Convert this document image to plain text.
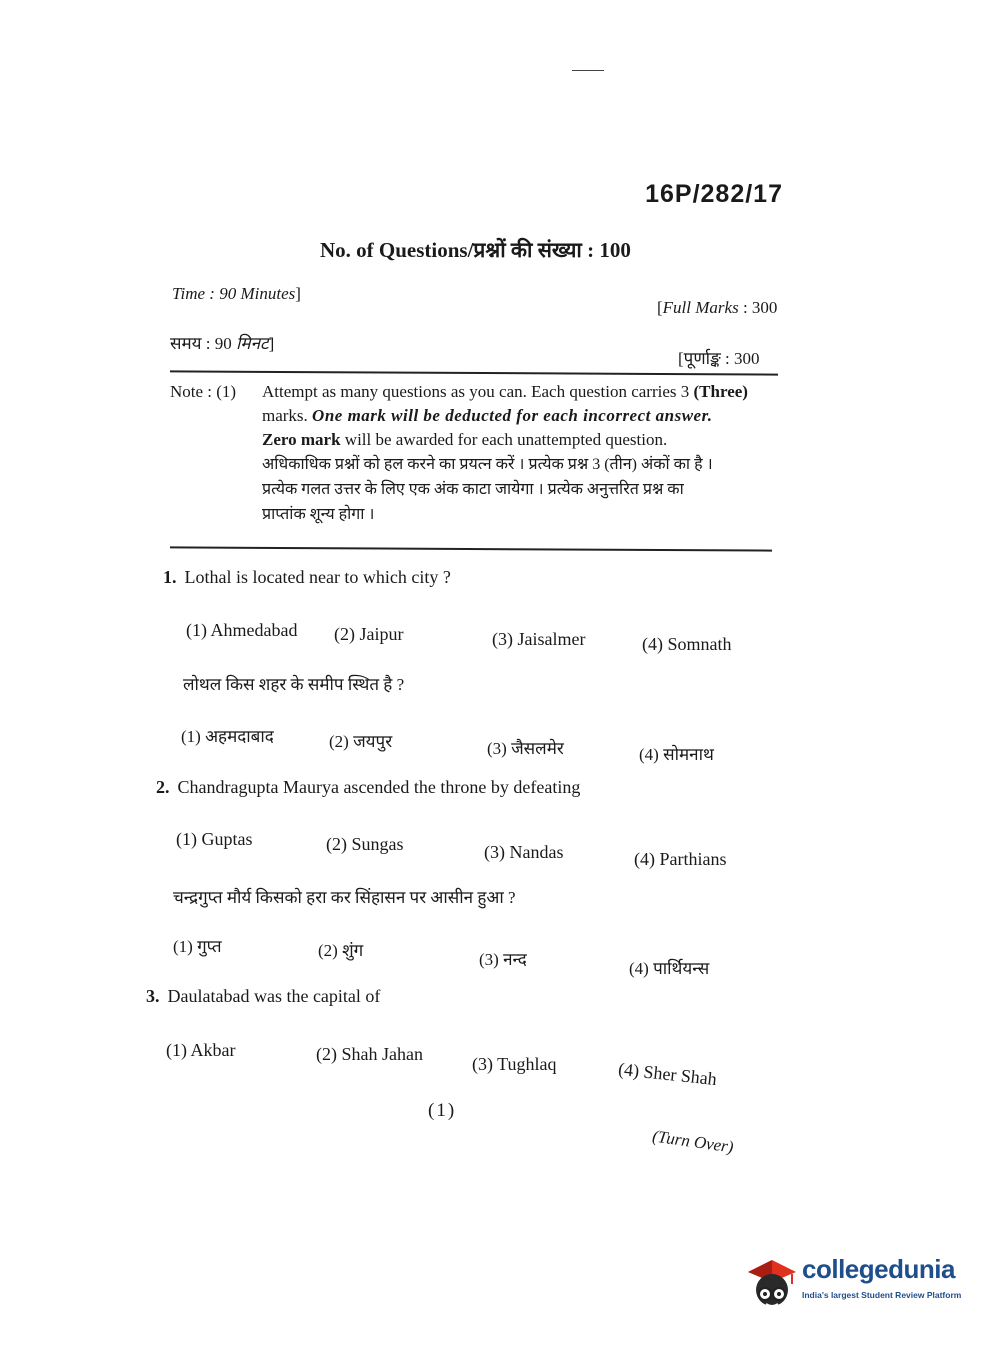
16P/282/17
No. of Questions/प्रश्नों की संख्या : 100
Time : 90 Minutes]
[Full Marks : 300
समय : 90 मिनट]
[पूर्णाङ्क : 300
Note : (1) Attempt as many questions as you can. Each question carries 3 (Three) marks. One mark will be deducted for each incorrect answer.
Zero mark will be awarded for each unattempted question.
अधिकाधिक प्रश्नों को हल करने का प्रयत्न करें । प्रत्येक प्रश्न 3 (तीन) अंकों का है ।
प्रत्येक गलत उत्तर के लिए एक अंक काटा जायेगा । प्रत्येक अनुत्तरित प्रश्न का
प्राप्तांक शून्य होगा ।
1. Lothal is located near to which city ?
(1) Ahmedabad (2) Jaipur	(3) Jaisalmer	(4) Somnath
लोथल किस शहर के समीप स्थित है ?
(1) अहमदाबाद	(2) जयपुर	(3) जैसलमेर	(4) सोमनाथ
2. Chandragupta Maurya ascended the throne by defeating
(1) Guptas	(2) Sungas	(3) Nandas	(4) Parthians
चन्द्रगुप्त मौर्य किसको हरा कर सिंहासन पर आसीन हुआ ?
(1) गुप्त	(2) शुंग	(3) नन्द	(4) पार्थियन्स
3. Daulatabad was the capital of
(1) Akbar	(2) Shah Jahan	(3) Tughlaq	(4) Sher Shah
(1)
(Turn Over)
collegedunia
India's largest Student Review Platform
